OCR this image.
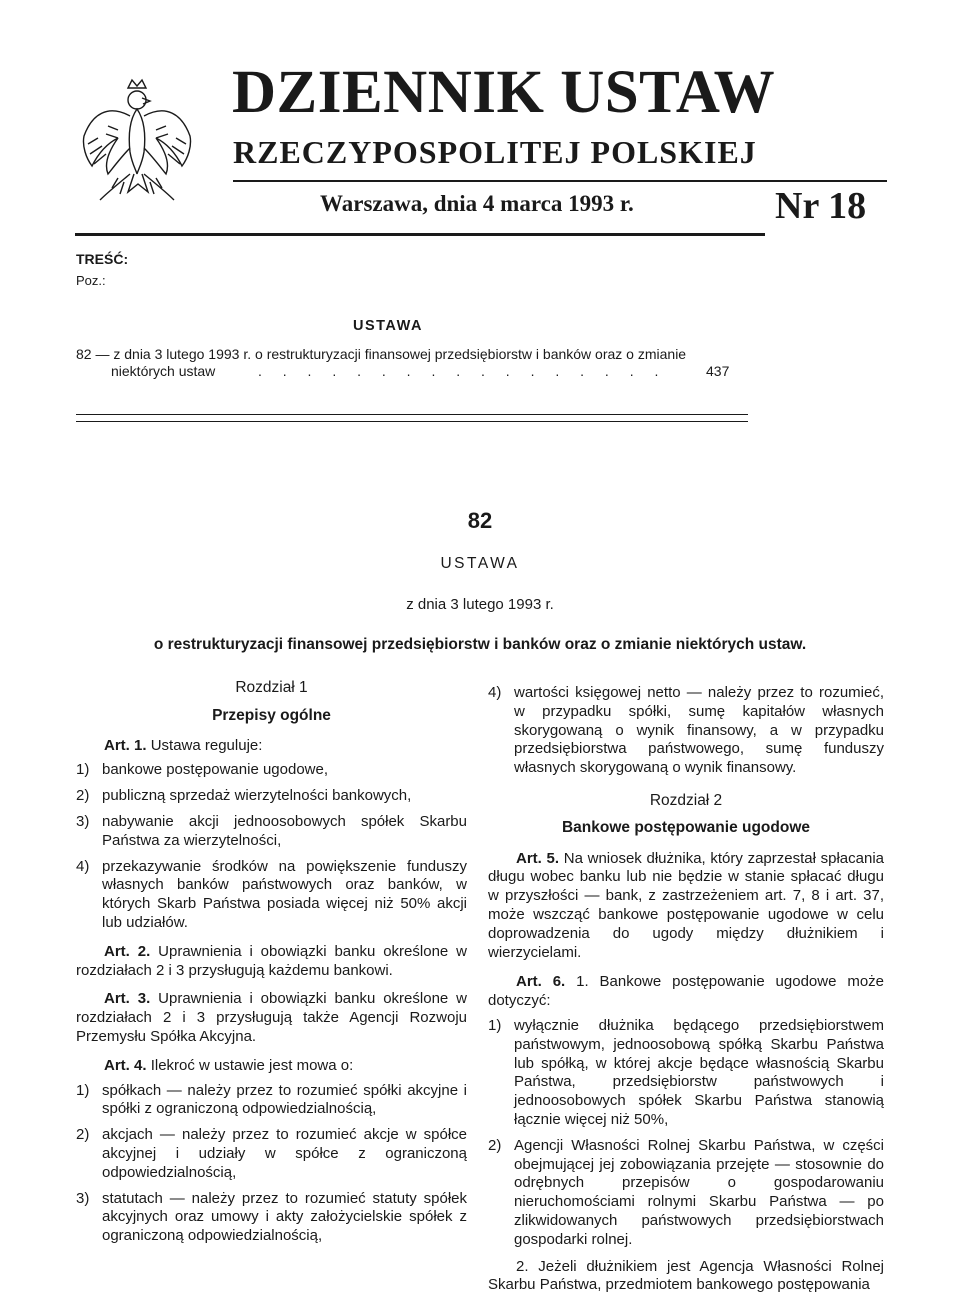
DZIENNIK USTAW
RZECZYPOSPOLITEJ POLSKIEJ
Warszawa, dnia 4 marca 1993 r.	Nr 18
TREŚĆ:
Poz.:
USTAWA
82 — z dnia 3 lutego 1993 r. o restrukturyzacji finansowej przedsiębiorstw i banków oraz o zmianie
niektórych ustaw	. . . . . . . . . . . . . . . . .	437
82
USTAWA
z dnia 3 lutego 1993 r.
o restrukturyzacji finansowej przedsiębiorstw i banków oraz o zmianie niektórych ustaw.
Rozdział 1
Przepisy ogólne

Art. 1. Ustawa reguluje:

1) bankowe postępowanie ugodowe,
2) publiczną sprzedaż wierzytelności bankowych,
3) nabywanie akcji jednoosobowych spółek Skarbu Państwa za wierzytelności,
4) przekazywanie środków na powiększenie funduszy własnych banków państwowych oraz banków, w których Skarb Państwa posiada więcej niż 50% akcji lub udziałów.

Art. 2. Uprawnienia i obowiązki banku określone w rozdziałach 2 i 3 przysługują każdemu bankowi.

Art. 3. Uprawnienia i obowiązki banku określone w rozdziałach 2 i 3 przysługują także Agencji Rozwoju Przemysłu Spółka Akcyjna.

Art. 4. Ilekroć w ustawie jest mowa o:

1) spółkach — należy przez to rozumieć spółki akcyjne i spółki z ograniczoną odpowiedzialnością,
2) akcjach — należy przez to rozumieć akcje w spółce akcyjnej i udziały w spółce z ograniczoną odpowiedzialnością,
3) statutach — należy przez to rozumieć statuty spółek akcyjnych oraz umowy i akty założycielskie spółek z ograniczoną odpowiedzialnością,
4) wartości księgowej netto — należy przez to rozumieć, w przypadku spółki, sumę kapitałów własnych skorygowaną o wynik finansowy, a w przypadku przedsiębiorstwa państwowego, sumę funduszy własnych skorygowaną o wynik finansowy.
Rozdział 2
Bankowe postępowanie ugodowe

Art. 5. Na wniosek dłużnika, który zaprzestał spłacania długu wobec banku lub nie będzie w stanie spłacać długu w przyszłości — bank, z zastrzeżeniem art. 7, 8 i art. 37, może wszcząć bankowe postępowanie ugodowe w celu doprowadzenia do ugody między dłużnikiem i wierzycielami.

Art. 6. 1. Bankowe postępowanie ugodowe może dotyczyć:

1) wyłącznie dłużnika będącego przedsiębiorstwem państwowym, jednoosobową spółką Skarbu Państwa lub spółką, w której akcje będące własnością Skarbu Państwa, przedsiębiorstw państwowych i jednoosobowych spółek Skarbu Państwa stanowią łącznie więcej niż 50%,
2) Agencji Własności Rolnej Skarbu Państwa, w części obejmującej jej zobowiązania przejęte — stosownie do odrębnych przepisów o gospodarowaniu nieruchomościami rolnymi Skarbu Państwa — po zlikwidowanych państwowych przedsiębiorstwach gospodarki rolnej.

2. Jeżeli dłużnikiem jest Agencja Własności Rolnej Skarbu Państwa, przedmiotem bankowego postępowania
